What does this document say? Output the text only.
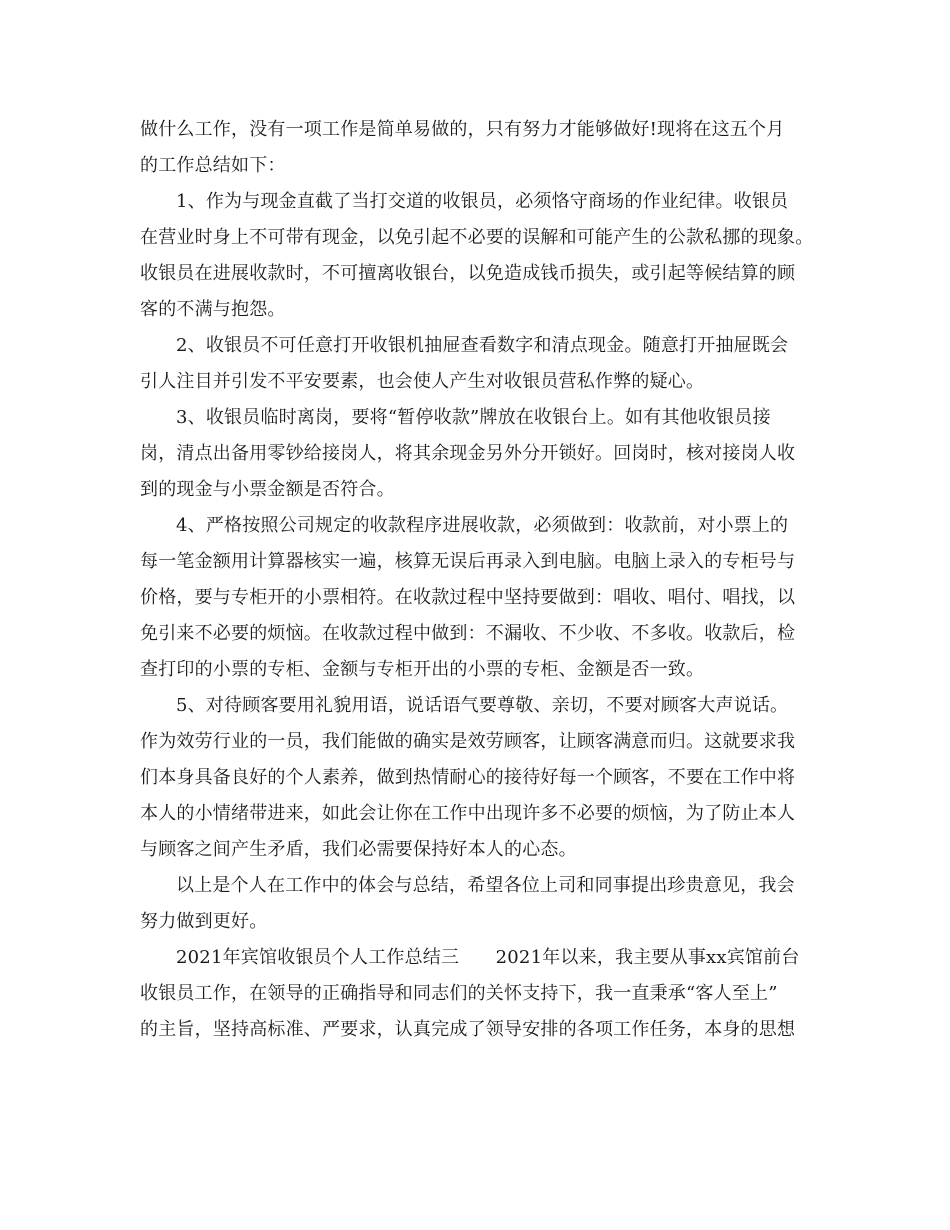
做什么工作，没有一项工作是简单易做的，只有努力才能够做好!现将在这五个月
的工作总结如下：
1、作为与现金直截了当打交道的收银员，必须恪守商场的作业纪律。收银员
在营业时身上不可带有现金，以免引起不必要的误解和可能产生的公款私挪的现象。
收银员在进展收款时，不可擅离收银台，以免造成钱币损失，或引起等候结算的顾
客的不满与抱怨。
2、收银员不可任意打开收银机抽屉查看数字和清点现金。随意打开抽屉既会
引人注目并引发不平安要素，也会使人产生对收银员营私作弊的疑心。
3、收银员临时离岗，要将“暂停收款”牌放在收银台上。如有其他收银员接
岗，清点出备用零钞给接岗人，将其余现金另外分开锁好。回岗时，核对接岗人收
到的现金与小票金额是否符合。
4、严格按照公司规定的收款程序进展收款，必须做到：收款前，对小票上的
每一笔金额用计算器核实一遍，核算无误后再录入到电脑。电脑上录入的专柜号与
价格，要与专柜开的小票相符。在收款过程中坚持要做到：唱收、唱付、唱找，以
免引来不必要的烦恼。在收款过程中做到：不漏收、不少收、不多收。收款后，检
查打印的小票的专柜、金额与专柜开出的小票的专柜、金额是否一致。
5、对待顾客要用礼貌用语，说话语气要尊敬、亲切，不要对顾客大声说话。
作为效劳行业的一员，我们能做的确实是效劳顾客，让顾客满意而归。这就要求我
们本身具备良好的个人素养，做到热情耐心的接待好每一个顾客，不要在工作中将
本人的小情绪带进来，如此会让你在工作中出现许多不必要的烦恼，为了防止本人
与顾客之间产生矛盾，我们必需要保持好本人的心态。
以上是个人在工作中的体会与总结，希望各位上司和同事提出珍贵意见，我会
努力做到更好。
2021年宾馆收银员个人工作总结三　　2021年以来，我主要从事xx宾馆前台
收银员工作，在领导的正确指导和同志们的关怀支持下，我一直秉承“客人至上”
的主旨，坚持高标准、严要求，认真完成了领导安排的各项工作任务，本身的思想
